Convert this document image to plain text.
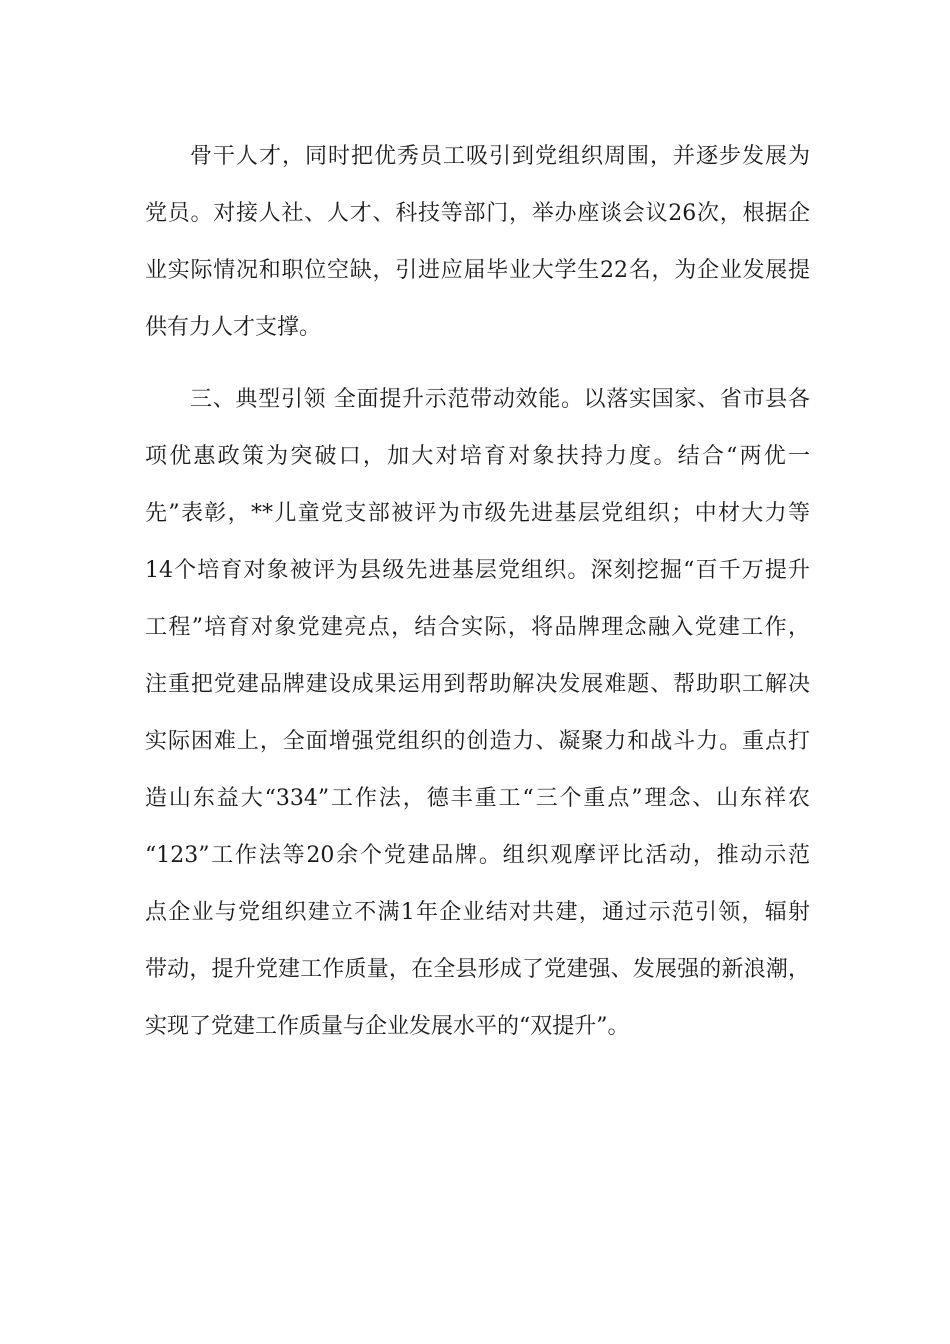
骨干人才，同时把优秀员工吸引到党组织周围，并逐步发展为
党员。对接人社、人才、科技等部门，举办座谈会议26次，根据企
业实际情况和职位空缺，引进应届毕业大学生22名，为企业发展提
供有力人才支撑。
三、典型引领 全面提升示范带动效能。以落实国家、省市县各
项优惠政策为突破口，加大对培育对象扶持力度。结合“两优一
先”表彰，**儿童党支部被评为市级先进基层党组织；中材大力等
14个培育对象被评为县级先进基层党组织。深刻挖掘“百千万提升
工程”培育对象党建亮点，结合实际，将品牌理念融入党建工作，
注重把党建品牌建设成果运用到帮助解决发展难题、帮助职工解决
实际困难上，全面增强党组织的创造力、凝聚力和战斗力。重点打
造山东益大“334”工作法，德丰重工“三个重点”理念、山东祥农
“123”工作法等20余个党建品牌。组织观摩评比活动，推动示范
点企业与党组织建立不满1年企业结对共建，通过示范引领，辐射
带动，提升党建工作质量，在全县形成了党建强、发展强的新浪潮，
实现了党建工作质量与企业发展水平的“双提升”。
